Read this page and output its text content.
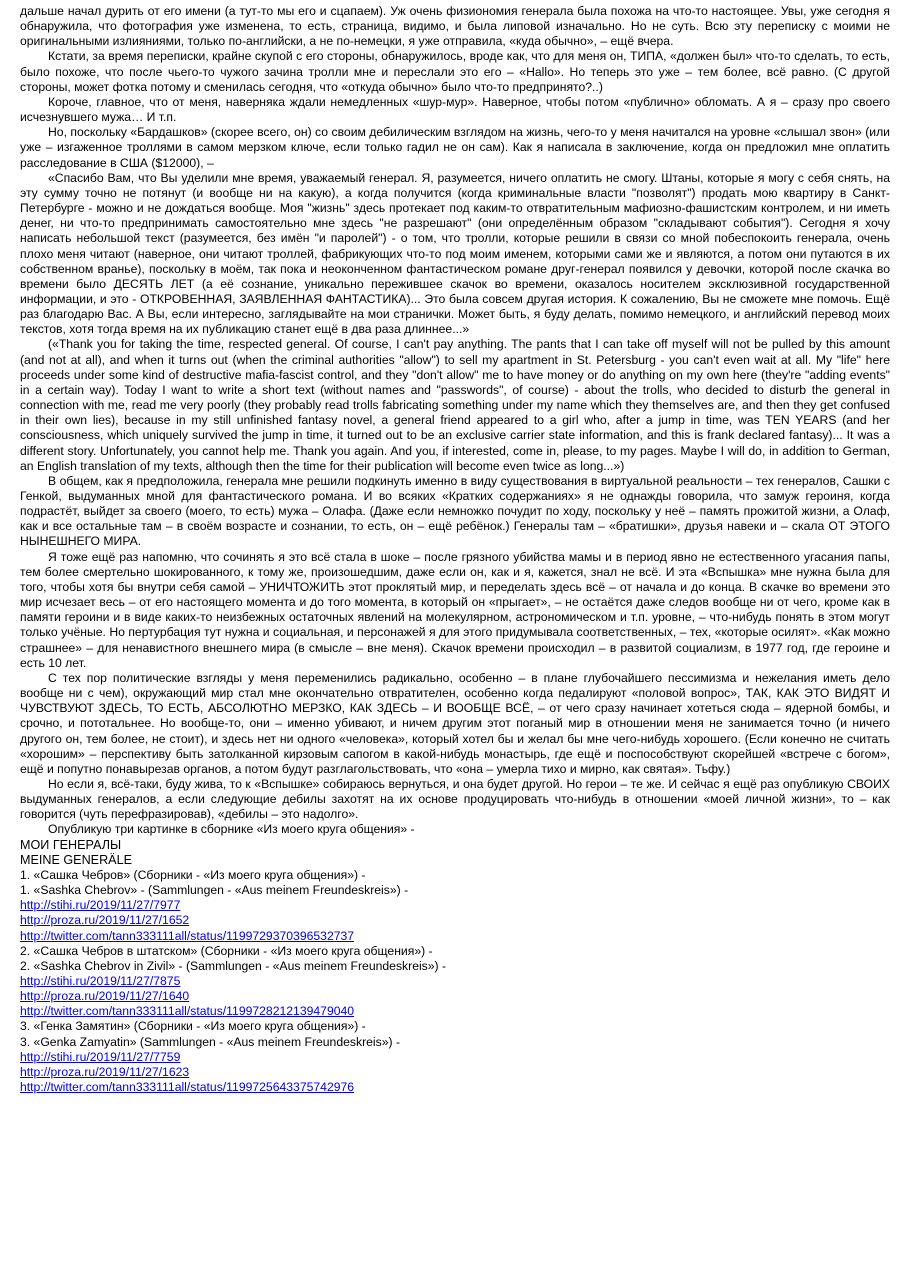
дальше начал дурить от его имени (а тут-то мы его и сцапаем). Уж очень физиономия генерала была похожа на что-то настоящее. Увы, уже сегодня я обнаружила, что фотография уже изменена, то есть, страница, видимо, и была липовой изначально. Но не суть. Всю эту переписку с моими не оригинальными излияниями, только по-английски, а не по-немецки, я уже отправила, «куда обычно», – ещё вчера.

Кстати, за время переписки, крайне скупой с его стороны, обнаружилось, вроде как, что для меня он, ТИПА, «должен был» что-то сделать, то есть, было похоже, что после чьего-то чужого зачина тролли мне и переслали это его – «Hallo». Но теперь это уже – тем более, всё равно. (С другой стороны, может фотка потому и сменилась сегодня, что «откуда обычно» было что-то предпринято?..)

Короче, главное, что от меня, наверняка ждали немедленных «шур-мур». Наверное, чтобы потом «публично» обломать. А я – сразу про своего исчезнувшего мужа… И т.п.

Но, поскольку «Бардашков» (скорее всего, он) со своим дебилическим взглядом на жизнь, чего-то у меня начитался на уровне «слышал звон» (или уже – изгаженное троллями в самом мерзком ключе, если только гадил не он сам). Как я написала в заключение, когда он предложил мне оплатить расследование в США ($12000), –

«Спасибо Вам, что Вы уделили мне время, уважаемый генерал. Я, разумеется, ничего оплатить не смогу. Штаны, которые я могу с себя снять, на эту сумму точно не потянут (и вообще ни на какую), а когда получится (когда криминальные власти "позволят") продать мою квартиру в Санкт-Петербурге - можно и не дождаться вообще. Моя "жизнь" здесь протекает под каким-то отвратительным мафиозно-фашистским контролем, и ни иметь денег, ни что-то предпринимать самостоятельно мне здесь "не разрешают" (они определённым образом "складывают события"). Сегодня я хочу написать небольшой текст (разумеется, без имён "и паролей") - о том, что тролли, которые решили в связи со мной побеспокоить генерала, очень плохо меня читают (наверное, они читают троллей, фабрикующих что-то под моим именем, которыми сами же и являются, а потом они путаются в их собственном вранье), поскольку в моём, так пока и неоконченном фантастическом романе друг-генерал появился у девочки, которой после скачка во времени было ДЕСЯТЬ ЛЕТ (а её сознание, уникально пережившее скачок во времени, оказалось носителем эксклюзивной государственной информации, и это - ОТКРОВЕННАЯ, ЗАЯВЛЕННАЯ ФАНТАСТИКА)... Это была совсем другая история. К сожалению, Вы не сможете мне помочь. Ещё раз благодарю Вас. А Вы, если интересно, заглядывайте на мои странички. Может быть, я буду делать, помимо немецкого, и английский перевод моих текстов, хотя тогда время на их публикацию станет ещё в два раза длиннее...»

(«Thank you for taking the time, respected general. Of course, I can't pay anything. The pants that I can take off myself will not be pulled by this amount (and not at all), and when it turns out (when the criminal authorities "allow") to sell my apartment in St. Petersburg - you can't even wait at all. My "life" here proceeds under some kind of destructive mafia-fascist control, and they "don't allow" me to have money or do anything on my own here (they're "adding events" in a certain way). Today I want to write a short text (without names and "passwords", of course) - about the trolls, who decided to disturb the general in connection with me, read me very poorly (they probably read trolls fabricating something under my name which they themselves are, and then they get confused in their own lies), because in my still unfinished fantasy novel, a general friend appeared to a girl who, after a jump in time, was TEN YEARS (and her consciousness, which uniquely survived the jump in time, it turned out to be an exclusive carrier state information, and this is frank declared fantasy)... It was a different story. Unfortunately, you cannot help me. Thank you again. And you, if interested, come in, please, to my pages. Maybe I will do, in addition to German, an English translation of my texts, although then the time for their publication will become even twice as long...»)

В общем, как я предположила, генерала мне решили подкинуть именно в виду существования в виртуальной реальности – тех генералов, Сашки с Генкой, выдуманных мной для фантастического романа. И во всяких «Кратких содержаниях» я не однажды говорила, что замуж героиня, когда подрастёт, выйдет за своего (моего, то есть) мужа – Олафа. (Даже если немножко почудит по ходу, поскольку у неё – память прожитой жизни, а Олаф, как и все остальные там – в своём возрасте и сознании, то есть, он – ещё ребёнок.) Генералы там – «братишки», друзья навеки и – скала ОТ ЭТОГО НЫНЕШНЕГО МИРА.

Я тоже ещё раз напомню, что сочинять я это всё стала в шоке – после грязного убийства мамы и в период явно не естественного угасания папы, тем более смертельно шокированного, к тому же, произошедшим, даже если он, как и я, кажется, знал не всё. И эта «Вспышка» мне нужна была для того, чтобы хотя бы внутри себя самой – УНИЧТОЖИТЬ этот проклятый мир, и переделать здесь всё – от начала и до конца. В скачке во времени это мир исчезает весь – от его настоящего момента и до того момента, в который он «прыгает», – не остаётся даже следов вообще ни от чего, кроме как в памяти героини и в виде каких-то неизбежных остаточных явлений на молекулярном, астрономическом и т.п. уровне, – что-нибудь понять в этом могут только учёные. Но пертурбация тут нужна и социальная, и персонажей я для этого придумывала соответственных, – тех, «которые осилят». «Как можно страшнее» – для ненавистного внешнего мира (в смысле – вне меня). Скачок времени происходил – в развитой социализм, в 1977 год, где героине и есть 10 лет.

С тех пор политические взгляды у меня переменились радикально, особенно – в плане глубочайшего пессимизма и нежелания иметь дело вообще ни с чем), окружающий мир стал мне окончательно отвратителен, особенно когда педалируют «половой вопрос», ТАК, КАК ЭТО ВИДЯТ И ЧУВСТВУЮТ ЗДЕСЬ, ТО ЕСТЬ, АБСОЛЮТНО МЕРЗКО, КАК ЗДЕСЬ – И ВООБЩЕ ВСЁ, – от чего сразу начинает хотеться сюда – ядерной бомбы, и срочно, и пототальнее. Но вообще-то, они – именно убивают, и ничем другим этот поганый мир в отношении меня не занимается точно (и ничего другого он, тем более, не стоит), и здесь нет ни одного «человека», который хотел бы и желал бы мне чего-нибудь хорошего. (Если конечно не считать «хорошим» – перспективу быть затолканной кирзовым сапогом в какой-нибудь монастырь, где ещё и поспособствуют скорейшей «встрече с богом», ещё и попутно понавырезав органов, а потом будут разглагольствовать, что «она – умерла тихо и мирно, как святая». Тьфу.)

Но если я, всё-таки, буду жива, то к «Вспышке» собираюсь вернуться, и она будет другой. Но герои – те же. И сейчас я ещё раз опубликую СВОИХ выдуманных генералов, а если следующие дебилы захотят на их основе продуцировать что-нибудь в отношении «моей личной жизни», то – как говорится (чуть перефразировав), «дебилы – это надолго».

Опубликую три картинке в сборнике «Из моего круга общения» -

МОИ ГЕНЕРАЛЫ

MEINE GENERÄLE

1. «Сашка Чебров» (Сборники - «Из моего круга общения») -

1. «Sashka Chebrov» - (Sammlungen - «Aus meinem Freundeskreis») -

http://stihi.ru/2019/11/27/7977
http://proza.ru/2019/11/27/1652
http://twitter.com/tann333111all/status/1199729370396532737

2. «Сашка Чебров в штатском» (Сборники - «Из моего круга общения») -

2. «Sashka Chebrov in Zivil» - (Sammlungen - «Aus meinem Freundeskreis») -

http://stihi.ru/2019/11/27/7875
http://proza.ru/2019/11/27/1640
http://twitter.com/tann333111all/status/1199728212139479040

3. «Генка Замятин» (Сборники - «Из моего круга общения») -

3. «Genka Zamyatin» (Sammlungen - «Aus meinem Freundeskreis») -

http://stihi.ru/2019/11/27/7759
http://proza.ru/2019/11/27/1623
http://twitter.com/tann333111all/status/1199725643375742976
